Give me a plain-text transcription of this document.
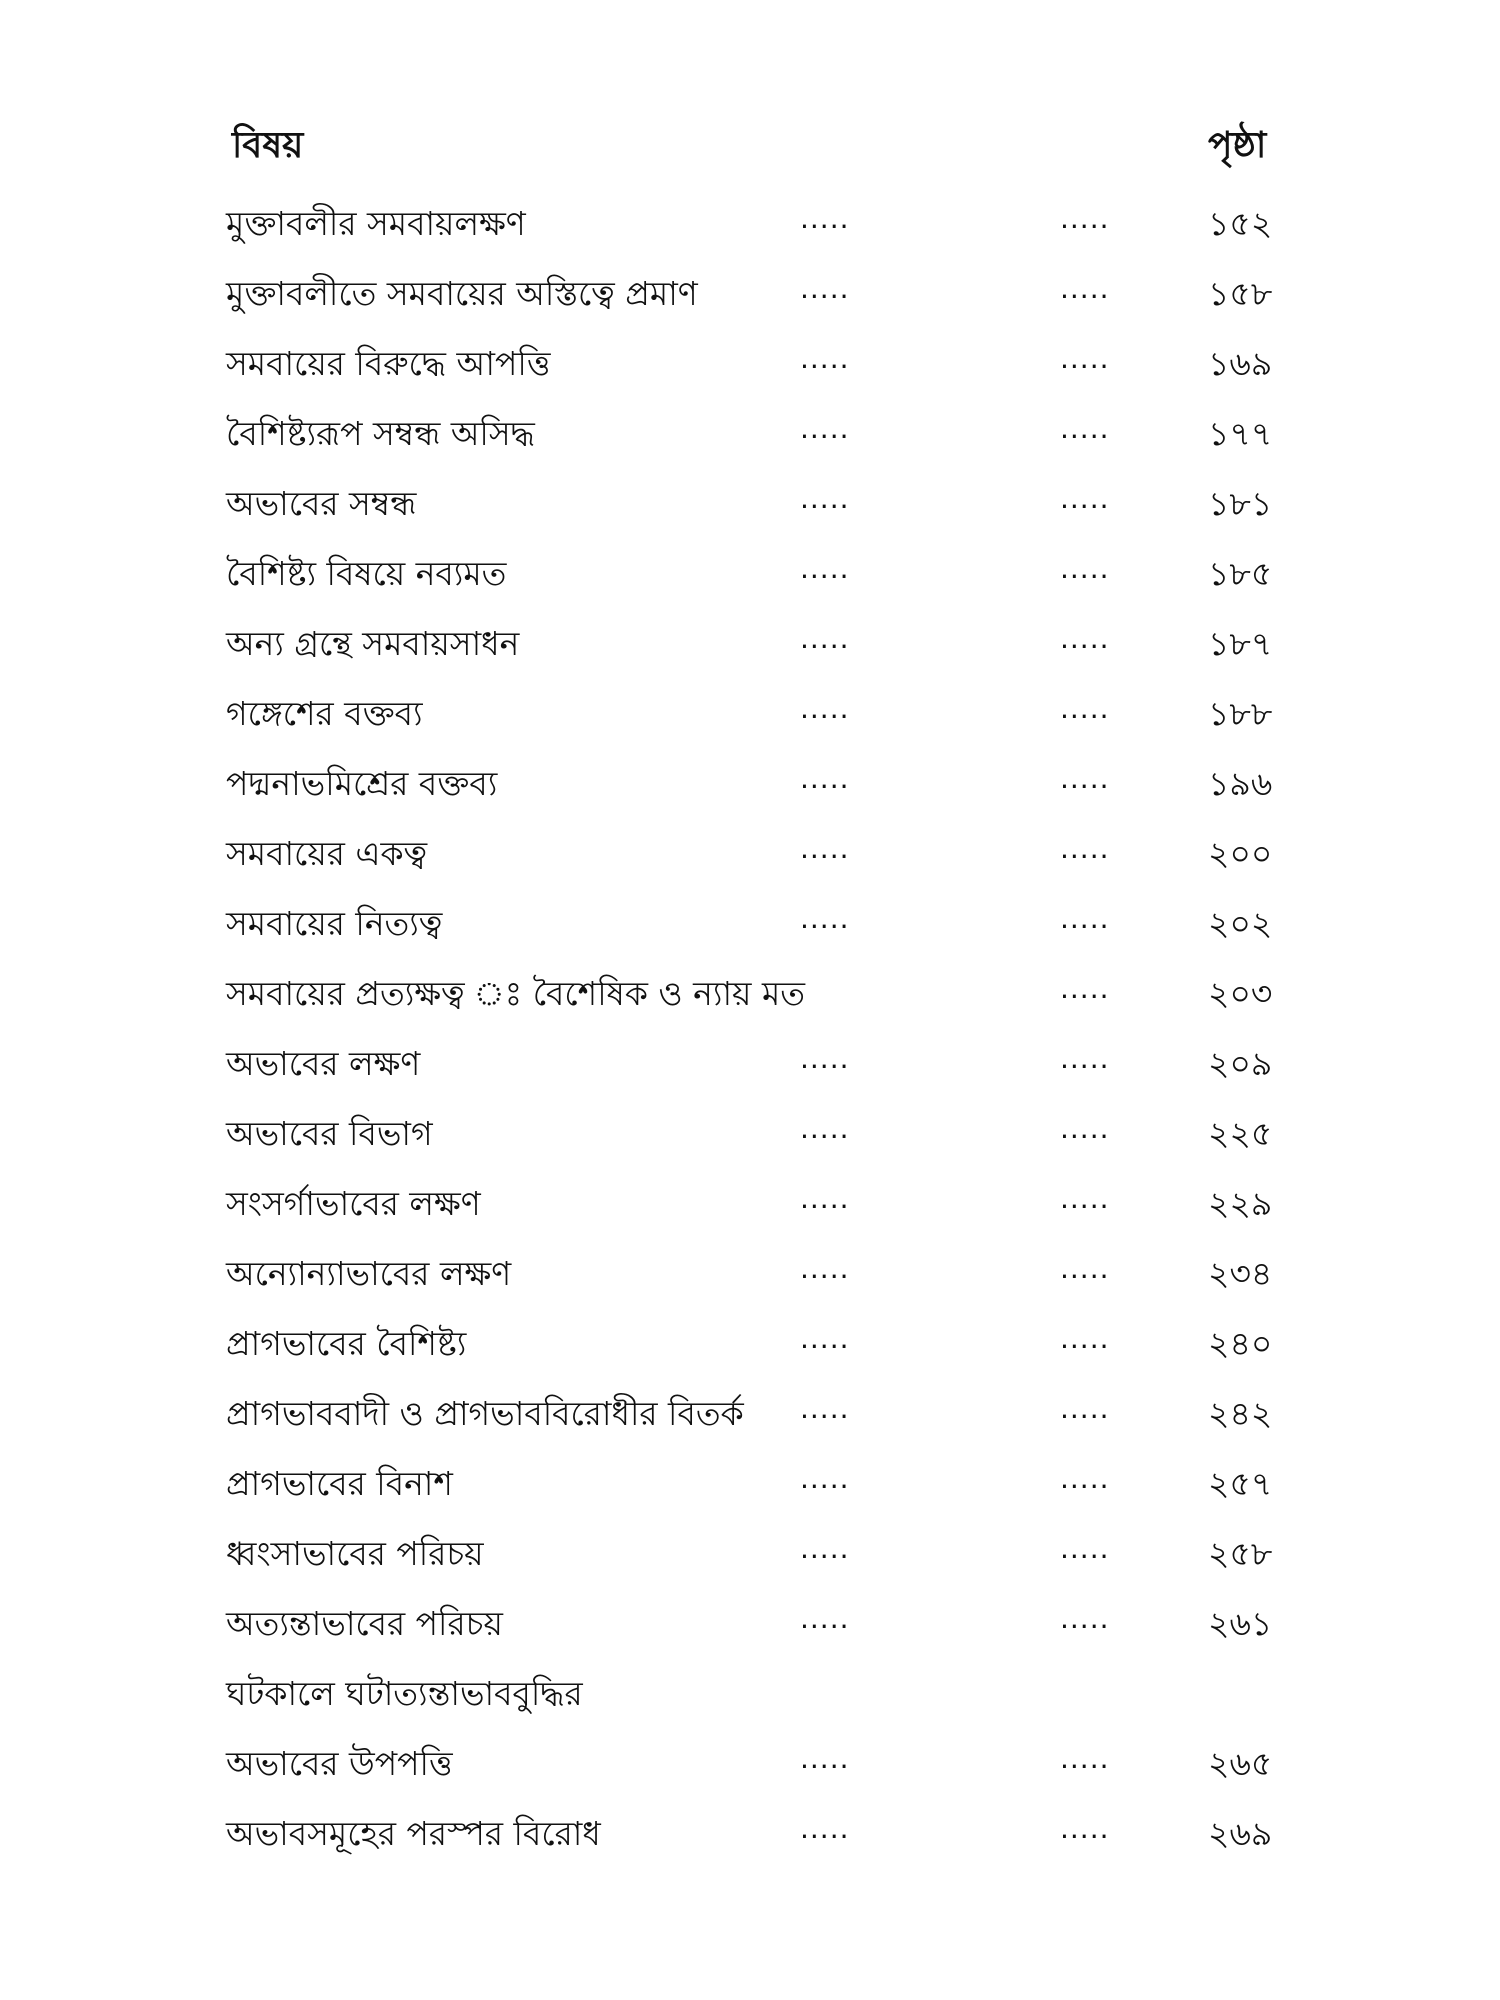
বিষয়	পৃষ্ঠা
মুক্তাবলীর সমবায়লক্ষণ	.....	.....	১৫২
মুক্তাবলীতে সমবায়ের অস্তিত্বে প্রমাণ	.....	.....	১৫৮
সমবায়ের বিরুদ্ধে আপত্তি	.....	.....	১৬৯
বৈশিষ্ট্যরূপ সম্বন্ধ অসিদ্ধ	.....	.....	১৭৭
অভাবের সম্বন্ধ	.....	.....	১৮১
বৈশিষ্ট্য বিষয়ে নব্যমত	.....	.....	১৮৫
অন্য গ্রন্থে সমবায়সাধন	.....	.....	১৮৭
গঙ্গেশের বক্তব্য	.....	.....	১৮৮
পদ্মনাভমিশ্রের বক্তব্য	.....	.....	১৯৬
সমবায়ের একত্ব	.....	.....	২০০
সমবায়ের নিত্যত্ব	.....	.....	২০২
সমবায়ের প্রত্যক্ষত্ব ঃ বৈশেষিক ও ন্যায় মত	.....	২০৩
অভাবের লক্ষণ	.....	.....	২০৯
অভাবের বিভাগ	.....	.....	২২৫
সংসর্গাভাবের লক্ষণ	.....	.....	২২৯
অন্যোন্যাভাবের লক্ষণ	.....	.....	২৩৪
প্রাগভাবের বৈশিষ্ট্য	.....	.....	২৪০
প্রাগভাববাদী ও প্রাগভাববিরোধীর বিতর্ক .....	.....	২৪২
প্রাগভাবের বিনাশ	.....	.....	২৫৭
ধ্বংসাভাবের পরিচয়	.....	.....	২৫৮
অত্যন্তাভাবের পরিচয়	.....	.....	২৬১
ঘটকালে ঘটাত্যন্তাভাববুদ্ধির
অভাবের উপপত্তি	.....	.....	২৬৫
অভাবসমূহের পরস্পর বিরোধ	.....	.....	২৬৯
